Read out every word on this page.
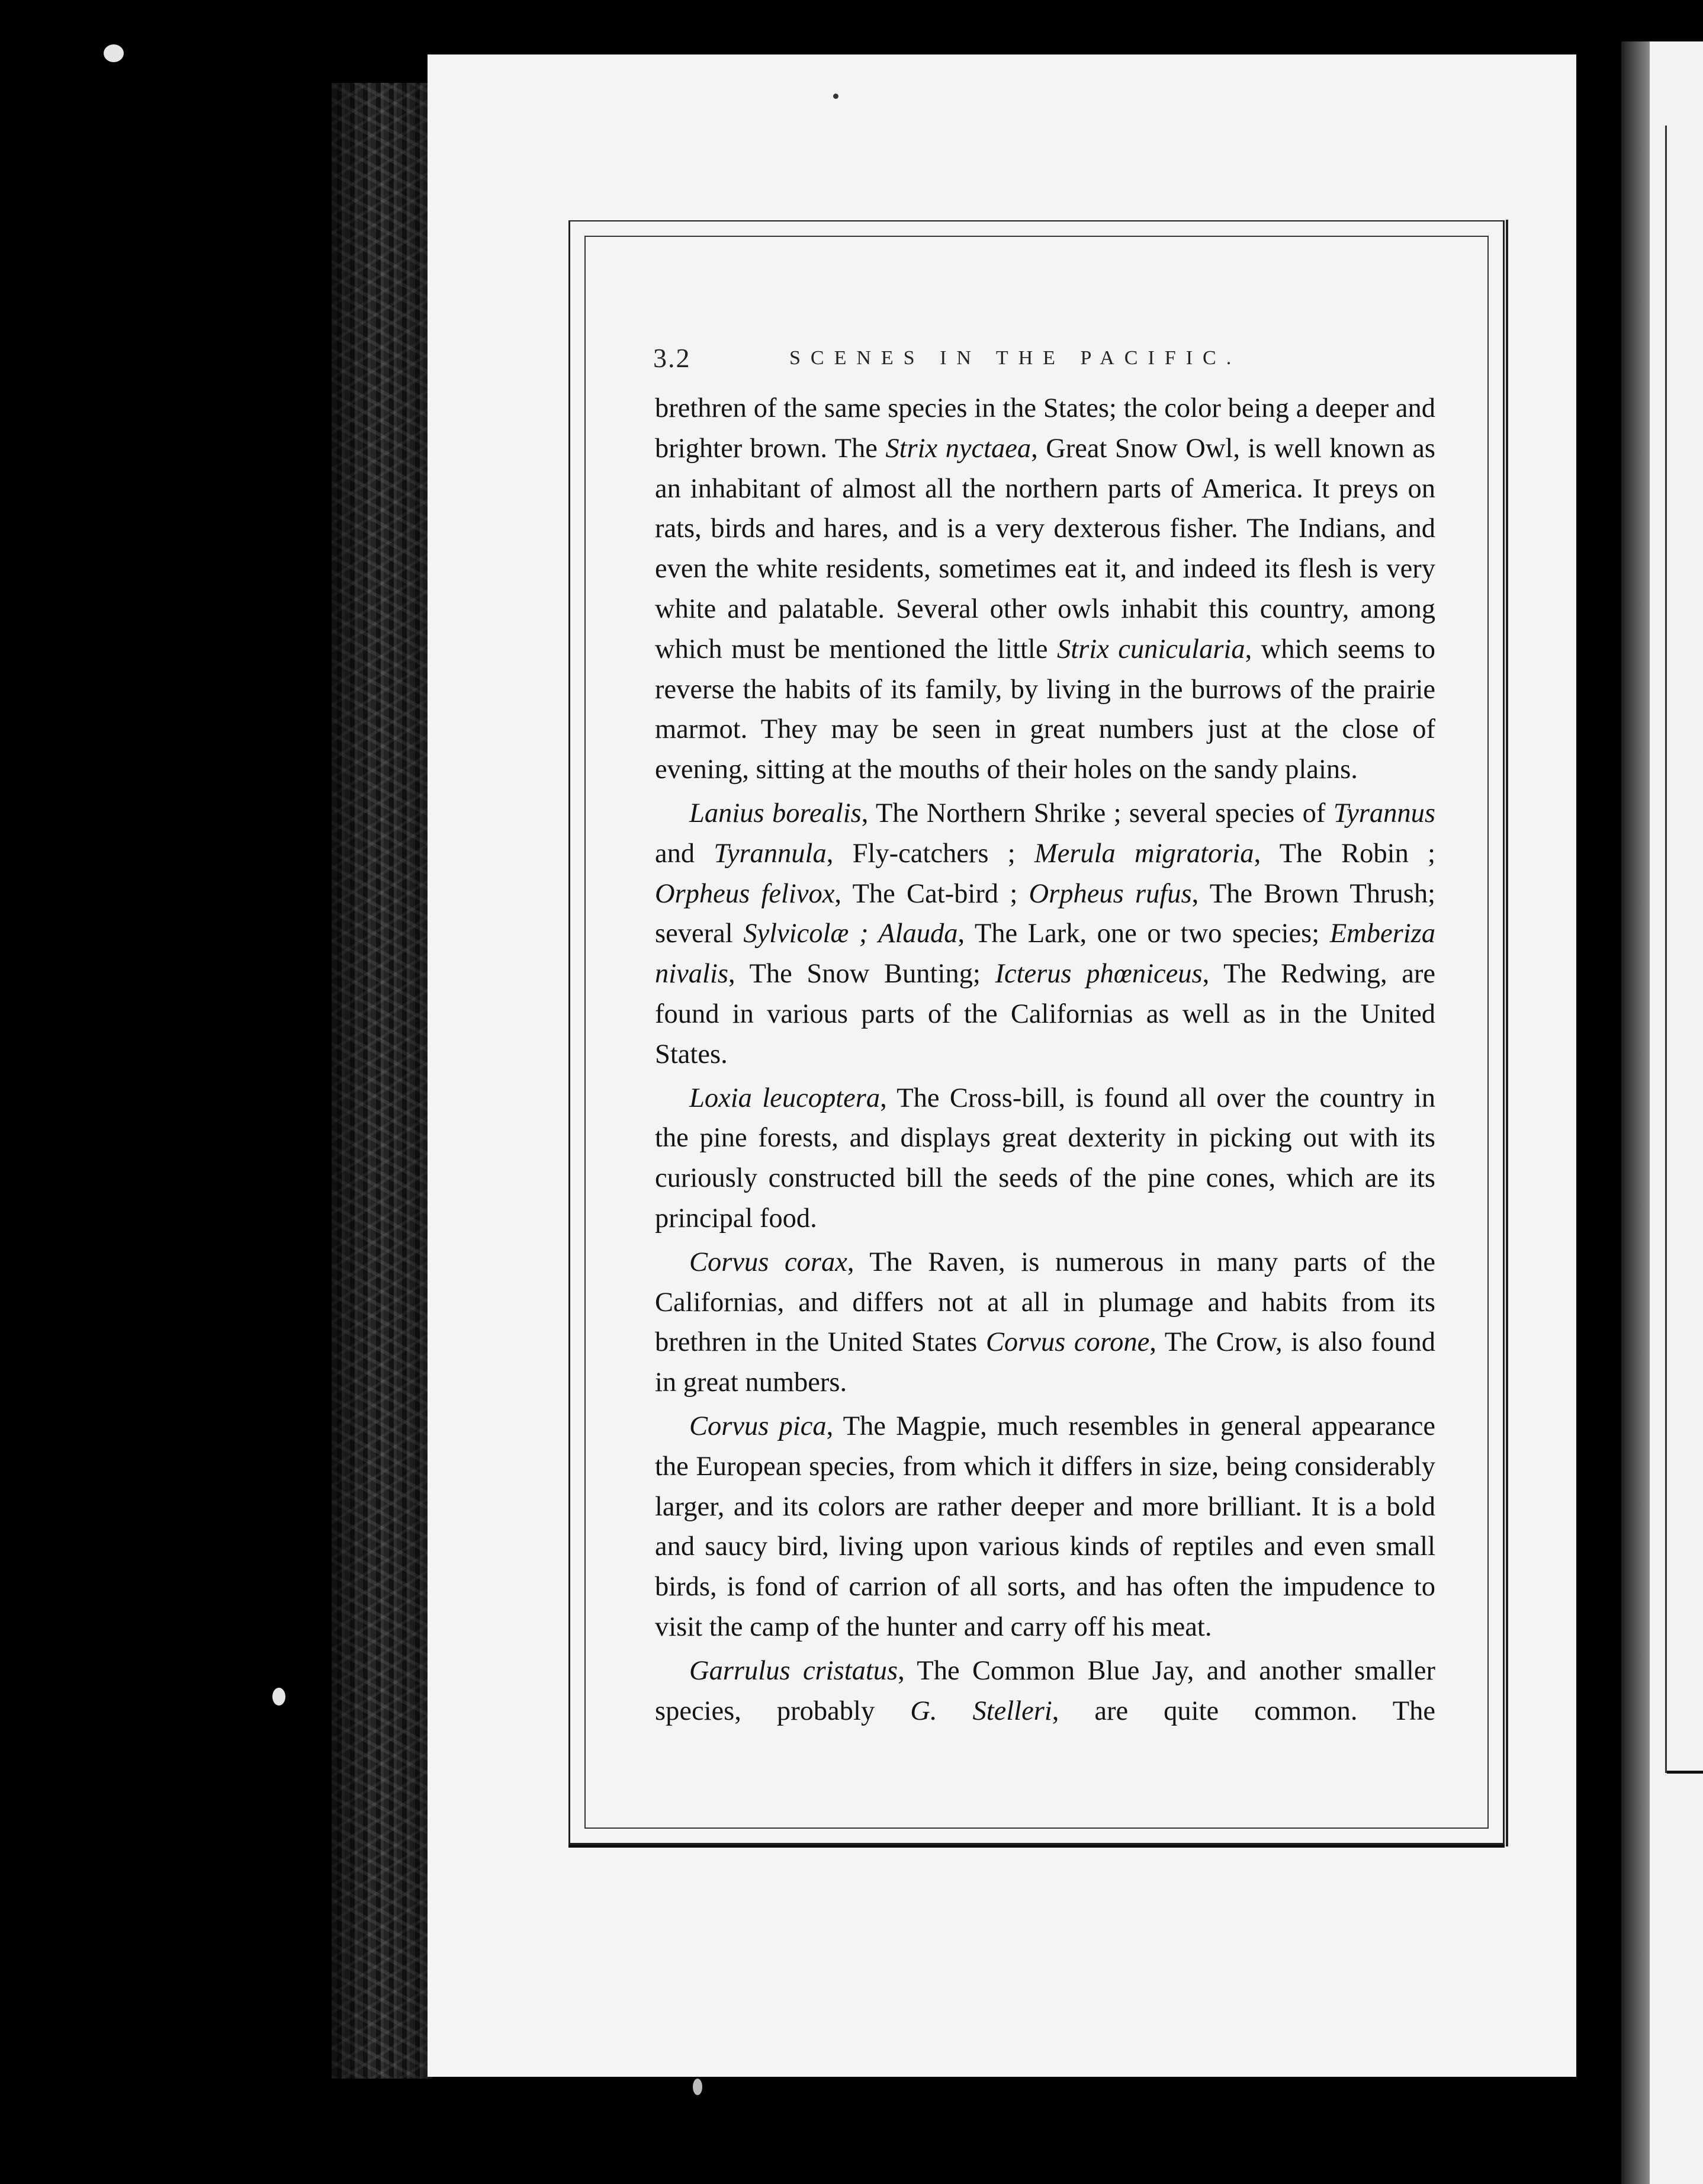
3.2	SCENES IN THE PACIFIC.

brethren of the same species in the States; the color being a deeper and brighter brown. The Strix nyctaea, Great Snow Owl, is well known as an inhabitant of almost all the northern parts of America. It preys on rats, birds and hares, and is a very dexterous fisher. The Indians, and even the white residents, sometimes eat it, and indeed its flesh is very white and palatable. Several other owls inhabit this country, among which must be mentioned the little Strix cunicularia, which seems to reverse the habits of its family, by living in the burrows of the prairie marmot. They may be seen in great numbers just at the close of evening, sitting at the mouths of their holes on the sandy plains.

Lanius borealis, The Northern Shrike ; several species of Tyrannus and Tyrannula, Fly-catchers ; Merula migratoria, The Robin ; Orpheus felivox, The Cat-bird ; Orpheus rufus, The Brown Thrush; several Sylvicolæ ; Alauda, The Lark, one or two species; Emberiza nivalis, The Snow Bunting; Icterus phœniceus, The Redwing, are found in various parts of the Californias as well as in the United States.

Loxia leucoptera, The Cross-bill, is found all over the country in the pine forests, and displays great dexterity in picking out with its curiously constructed bill the seeds of the pine cones, which are its principal food.

Corvus corax, The Raven, is numerous in many parts of the Californias, and differs not at all in plumage and habits from its brethren in the United States Corvus corone, The Crow, is also found in great numbers.

Corvus pica, The Magpie, much resembles in general appearance the European species, from which it differs in size, being considerably larger, and its colors are rather deeper and more brilliant. It is a bold and saucy bird, living upon various kinds of reptiles and even small birds, is fond of carrion of all sorts, and has often the impudence to visit the camp of the hunter and carry off his meat.

Garrulus cristatus, The Common Blue Jay, and another smaller species, probably G. Stelleri, are quite common. The
